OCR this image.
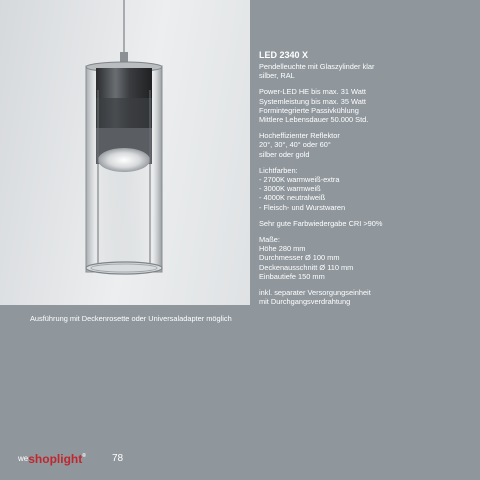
LED 2340 X
Pendelleuchte mit Glaszylinder klar
silber, RAL
Power-LED HE bis max. 31 Watt
Systemleistung bis max. 35 Watt
Formintegrierte Passivkühlung
Mittlere Lebensdauer 50.000 Std.
Hocheffizienter Reflektor
20°, 30°, 40° oder 60°
silber oder gold
Lichtfarben:
- 2700K warmweiß-extra
- 3000K warmweiß
- 4000K neutralweiß
- Fleisch- und Wurstwaren
Sehr gute Farbwiedergabe CRI >90%
Maße:
Höhe 280 mm
Durchmesser Ø 100 mm
Deckenausschnitt Ø 110 mm
Einbautiefe 150 mm
inkl. separater Versorgungseinheit
mit Durchgangsverdrahtung
Ausführung mit Deckenrosette oder Universaladapter möglich
weshoplight®	78
